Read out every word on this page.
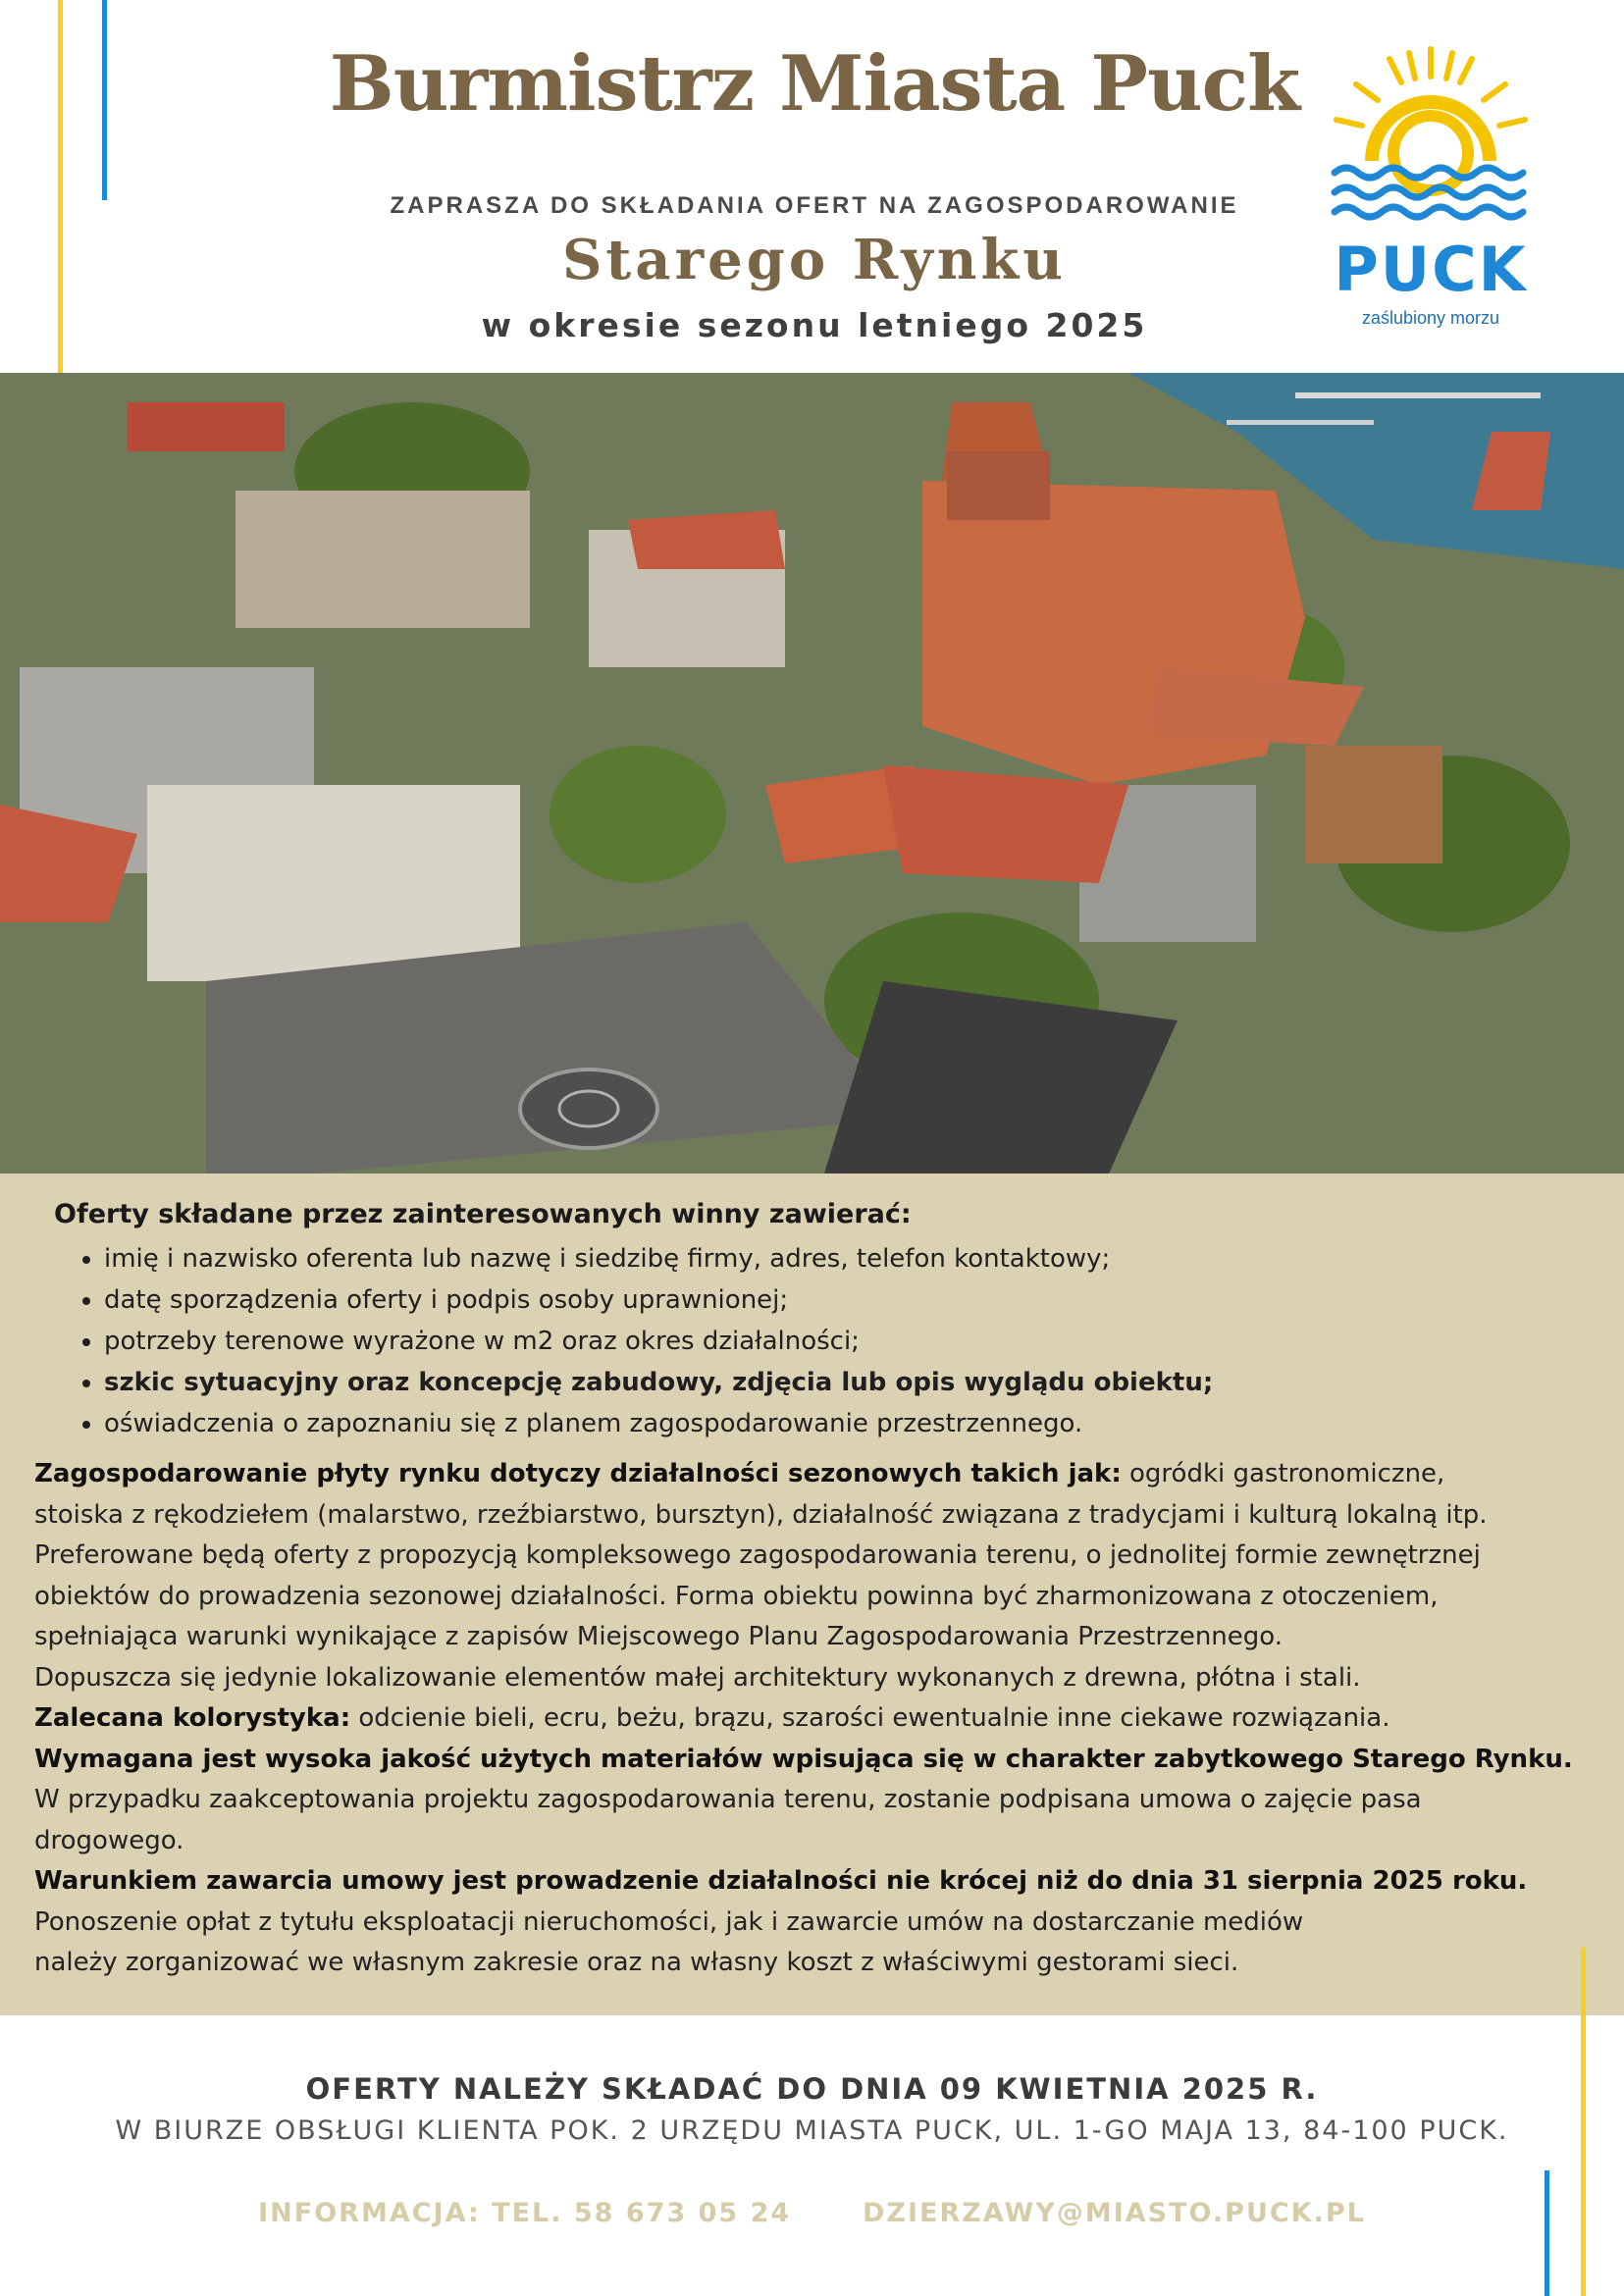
Burmistrz Miasta Puck
ZAPRASZA DO SKŁADANIA OFERT NA ZAGOSPODAROWANIE
Starego Rynku
w okresie sezonu letniego 2025
PUCK
zaślubiony morzu
Oferty składane przez zainteresowanych winny zawierać:
• imię i nazwisko oferenta lub nazwę i siedzibę firmy, adres, telefon kontaktowy;
• datę sporządzenia oferty i podpis osoby uprawnionej;
• potrzeby terenowe wyrażone w m2 oraz okres działalności;
• szkic sytuacyjny oraz koncepcję zabudowy, zdjęcia lub opis wyglądu obiektu;
• oświadczenia o zapoznaniu się z planem zagospodarowanie przestrzennego.

Zagospodarowanie płyty rynku dotyczy działalności sezonowych takich jak: ogródki gastronomiczne,

stoiska z rękodziełem (malarstwo, rzeźbiarstwo, bursztyn), działalność związana z tradycjami i kulturą lokalną itp.

Preferowane będą oferty z propozycją kompleksowego zagospodarowania terenu, o jednolitej formie zewnętrznej

obiektów do prowadzenia sezonowej działalności. Forma obiektu powinna być zharmonizowana z otoczeniem,

spełniająca warunki wynikające z zapisów Miejscowego Planu Zagospodarowania Przestrzennego.

Dopuszcza się jedynie lokalizowanie elementów małej architektury wykonanych z drewna, płótna i stali.

Zalecana kolorystyka: odcienie bieli, ecru, beżu, brązu, szarości ewentualnie inne ciekawe rozwiązania.

Wymagana jest wysoka jakość użytych materiałów wpisująca się w charakter zabytkowego Starego Rynku.

W przypadku zaakceptowania projektu zagospodarowania terenu, zostanie podpisana umowa o zajęcie pasa

drogowego.

Warunkiem zawarcia umowy jest prowadzenie działalności nie krócej niż do dnia 31 sierpnia 2025 roku.

Ponoszenie opłat z tytułu eksploatacji nieruchomości, jak i zawarcie umów na dostarczanie mediów

należy zorganizować we własnym zakresie oraz na własny koszt z właściwymi gestorami sieci.

OFERTY NALEŻY SKŁADAĆ DO DNIA 09 KWIETNIA 2025 R.
W BIURZE OBSŁUGI KLIENTA POK. 2 URZĘDU MIASTA PUCK, UL. 1-GO MAJA 13, 84-100 PUCK.
INFORMACJA: TEL. 58 673 05 24	DZIERZAWY@MIASTO.PUCK.PL
